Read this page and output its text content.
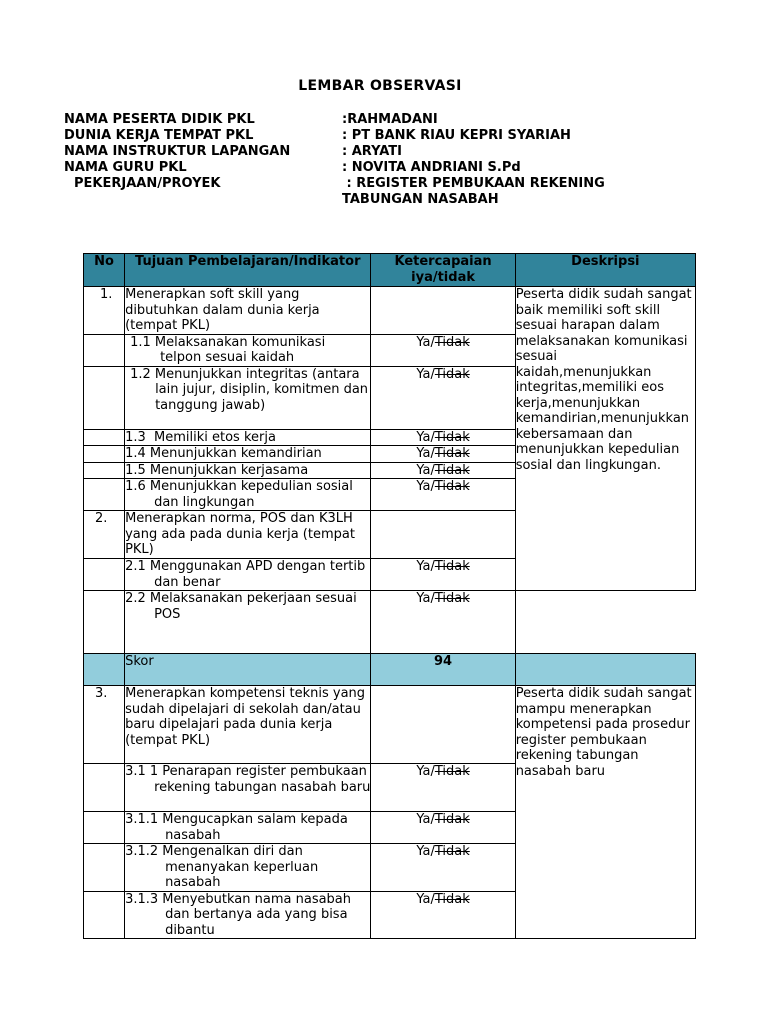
LEMBAR OBSERVASI
NAMA PESERTA DIDIK PKL	:RAHMADANI
DUNIA KERJA TEMPAT PKL	: PT BANK RIAU KEPRI SYARIAH
NAMA INSTRUKTUR LAPANGAN	: ARYATI
NAMA GURU PKL	: NOVITA ANDRIANI S.Pd
PEKERJAAN/PROYEK	: REGISTER PEMBUKAAN REKENING
TABUNGAN NASABAH
No	Tujuan Pembelajaran/Indikator	Ketercapaian iya/tidak	Deskripsi
1.	Menerapkan soft skill yang dibutuhkan dalam dunia kerja (tempat PKL)		Peserta didik sudah sangat baik memiliki soft skill sesuai harapan dalam melaksanakan komunikasi sesuai kaidah,menunjukkan integritas,memiliki eos kerja,menunjukkan kemandirian,menunjukkan kebersamaan dan menunjukkan kepedulian sosial dan lingkungan.

	1.1 Melaksanakan komunikasi telpon sesuai kaidah	Ya/Tidak	

	1.2 Menunjukkan integritas (antara lain jujur, disiplin, komitmen dan tanggung jawab)	Ya/Tidak	
	1.3  Memiliki etos kerja	Ya/Tidak	
	1.4 Menunjukkan kemandirian	Ya/Tidak	
	1.5 Menunjukkan kerjasama	Ya/Tidak	

	1.6 Menunjukkan kepedulian sosial dan lingkungan	Ya/Tidak	
2.	Menerapkan norma, POS dan K3LH yang ada pada dunia kerja (tempat PKL)		

	2.1 Menggunakan APD dengan tertib dan benar	Ya/Tidak	

	2.2 Melaksanakan pekerjaan sesuai POS	Ya/Tidak
	Skor	94	
3.	Menerapkan kompetensi teknis yang sudah dipelajari di sekolah dan/atau baru dipelajari pada dunia kerja (tempat PKL)		Peserta didik sudah sangat mampu menerapkan kompetensi pada prosedur register pembukaan rekening tabungan nasabah baru

	3.1 1 Penarapan register pembukaan rekening tabungan nasabah baru	Ya/Tidak	

	3.1.1 Mengucapkan salam kepada nasabah	Ya/Tidak	

	3.1.2 Mengenalkan diri dan menanyakan keperluan nasabah	Ya/Tidak	

	3.1.3 Menyebutkan nama nasabah dan bertanya ada yang bisa dibantu	Ya/Tidak	
